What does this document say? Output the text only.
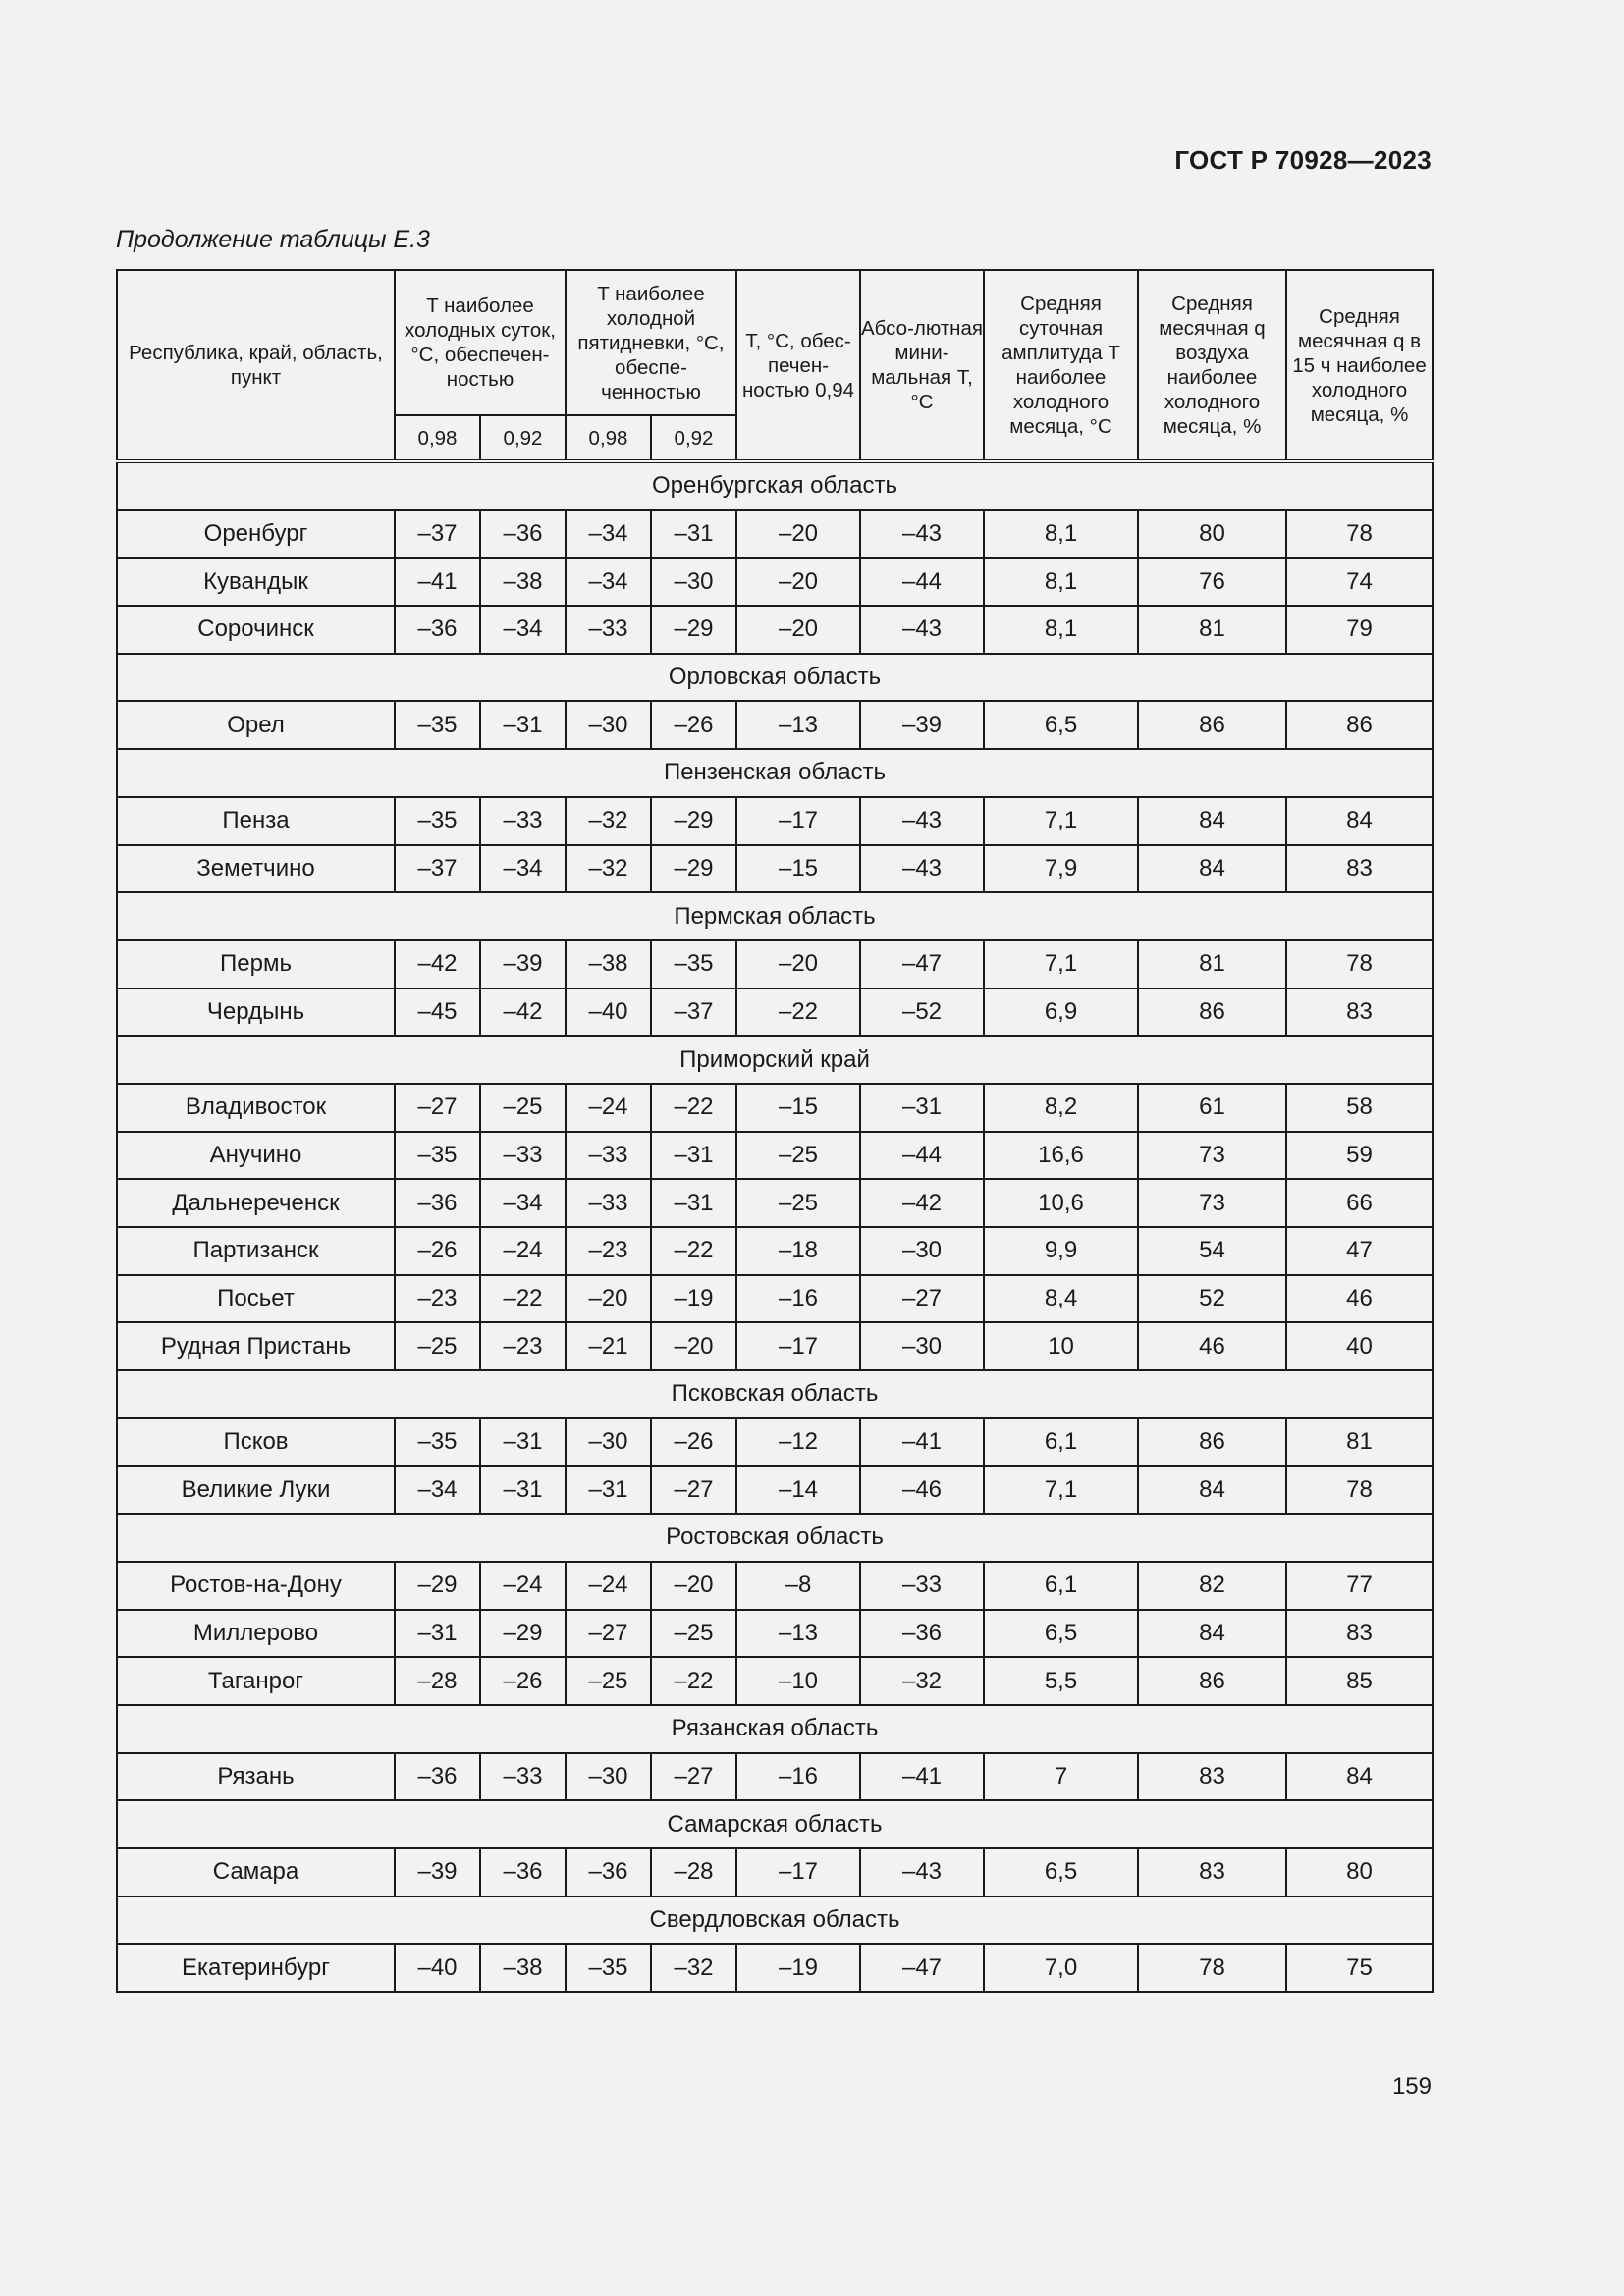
ГОСТ Р 70928—2023
Продолжение таблицы Е.3
Республика, край, область, пункт	T наиболее холодных суток, °С, обеспечен-ностью		T наиболее холодной пятидневки, °С, обеспе-ченностью		T, °С, обес-печен-ностью 0,94	Абсо-лютная мини-мальная T, °С	Средняя суточная амплитуда T наиболее холодного месяца, °С	Средняя месячная q воздуха наиболее холодного месяца, %	Средняя месячная q в 15 ч наиболее холодного месяца, %
	0,98	0,92	0,98	0,92					
Оренбургская область									
Оренбург	–37	–36	–34	–31	–20	–43	8,1	80	78
Кувандык	–41	–38	–34	–30	–20	–44	8,1	76	74
Сорочинск	–36	–34	–33	–29	–20	–43	8,1	81	79
Орловская область									
Орел	–35	–31	–30	–26	–13	–39	6,5	86	86
Пензенская область									
Пенза	–35	–33	–32	–29	–17	–43	7,1	84	84
Земетчино	–37	–34	–32	–29	–15	–43	7,9	84	83
Пермская область									
Пермь	–42	–39	–38	–35	–20	–47	7,1	81	78
Чердынь	–45	–42	–40	–37	–22	–52	6,9	86	83
Приморский край									
Владивосток	–27	–25	–24	–22	–15	–31	8,2	61	58
Анучино	–35	–33	–33	–31	–25	–44	16,6	73	59
Дальнереченск	–36	–34	–33	–31	–25	–42	10,6	73	66
Партизанск	–26	–24	–23	–22	–18	–30	9,9	54	47
Посьет	–23	–22	–20	–19	–16	–27	8,4	52	46
Рудная Пристань	–25	–23	–21	–20	–17	–30	10	46	40
Псковская область									
Псков	–35	–31	–30	–26	–12	–41	6,1	86	81
Великие Луки	–34	–31	–31	–27	–14	–46	7,1	84	78
Ростовская область									
Ростов-на-Дону	–29	–24	–24	–20	–8	–33	6,1	82	77
Миллерово	–31	–29	–27	–25	–13	–36	6,5	84	83
Таганрог	–28	–26	–25	–22	–10	–32	5,5	86	85
Рязанская область									
Рязань	–36	–33	–30	–27	–16	–41	7	83	84
Самарская область									
Самара	–39	–36	–36	–28	–17	–43	6,5	83	80
Свердловская область									
Екатеринбург	–40	–38	–35	–32	–19	–47	7,0	78	75
159
